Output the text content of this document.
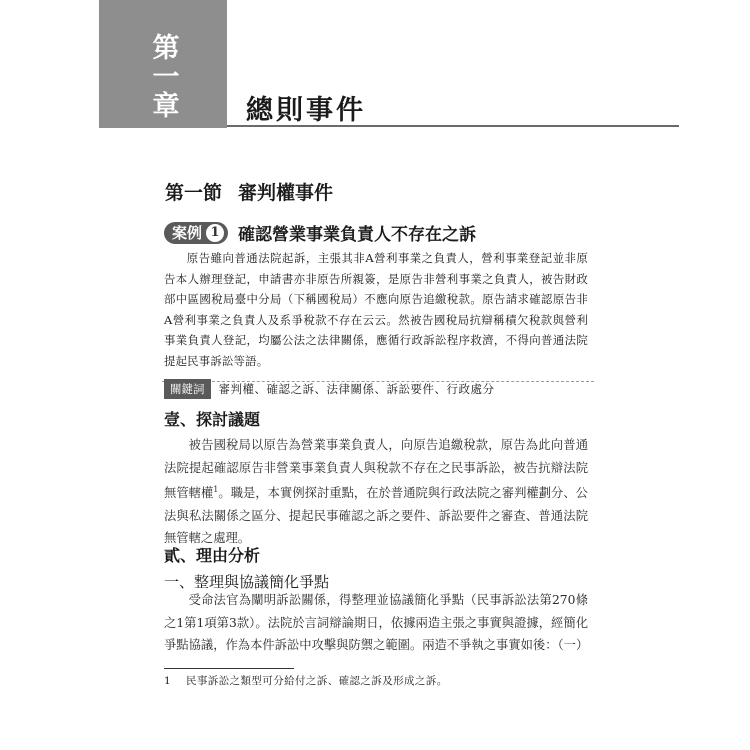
第一章	總則事件
第一節 審判權事件
案例 1 確認營業事業負責人不存在之訴
原告雖向普通法院起訴，主張其非A營利事業之負責人，營利事業登記並非原告本人辦理登記，申請書亦非原告所親簽，是原告非營利事業之負責人，被告財政部中區國稅局臺中分局（下稱國稅局）不應向原告追繳稅款。原告請求確認原告非A營利事業之負責人及系爭稅款不存在云云。然被告國稅局抗辯稱積欠稅款與營利事業負責人登記，均屬公法之法律關係，應循行政訴訟程序救濟，不得向普通法院提起民事訴訟等語。
關鍵詞	審判權、確認之訴、法律關係、訴訟要件、行政處分
壹、探討議題
被告國稅局以原告為營業事業負責人，向原告追繳稅款，原告為此向普通法院提起確認原告非營業事業負責人與稅款不存在之民事訴訟，被告抗辯法院無管轄權$^1$。職是，本實例探討重點，在於普通院與行政法院之審判權劃分、公法與私法關係之區分、提起民事確認之訴之要件、訴訟要件之審查、普通法院無管轄之處理。
貳、理由分析
一、整理與協議簡化爭點
受命法官為闡明訴訟關係，得整理並協議簡化爭點（民事訴訟法第270條之1第1項第3款）。法院於言詞辯論期日，依據兩造主張之事實與證據，經簡化爭點協議，作為本件訴訟中攻擊與防禦之範圍。兩造不爭執之事實如後：（一）
1 民事訴訟之類型可分給付之訴、確認之訴及形成之訴。
